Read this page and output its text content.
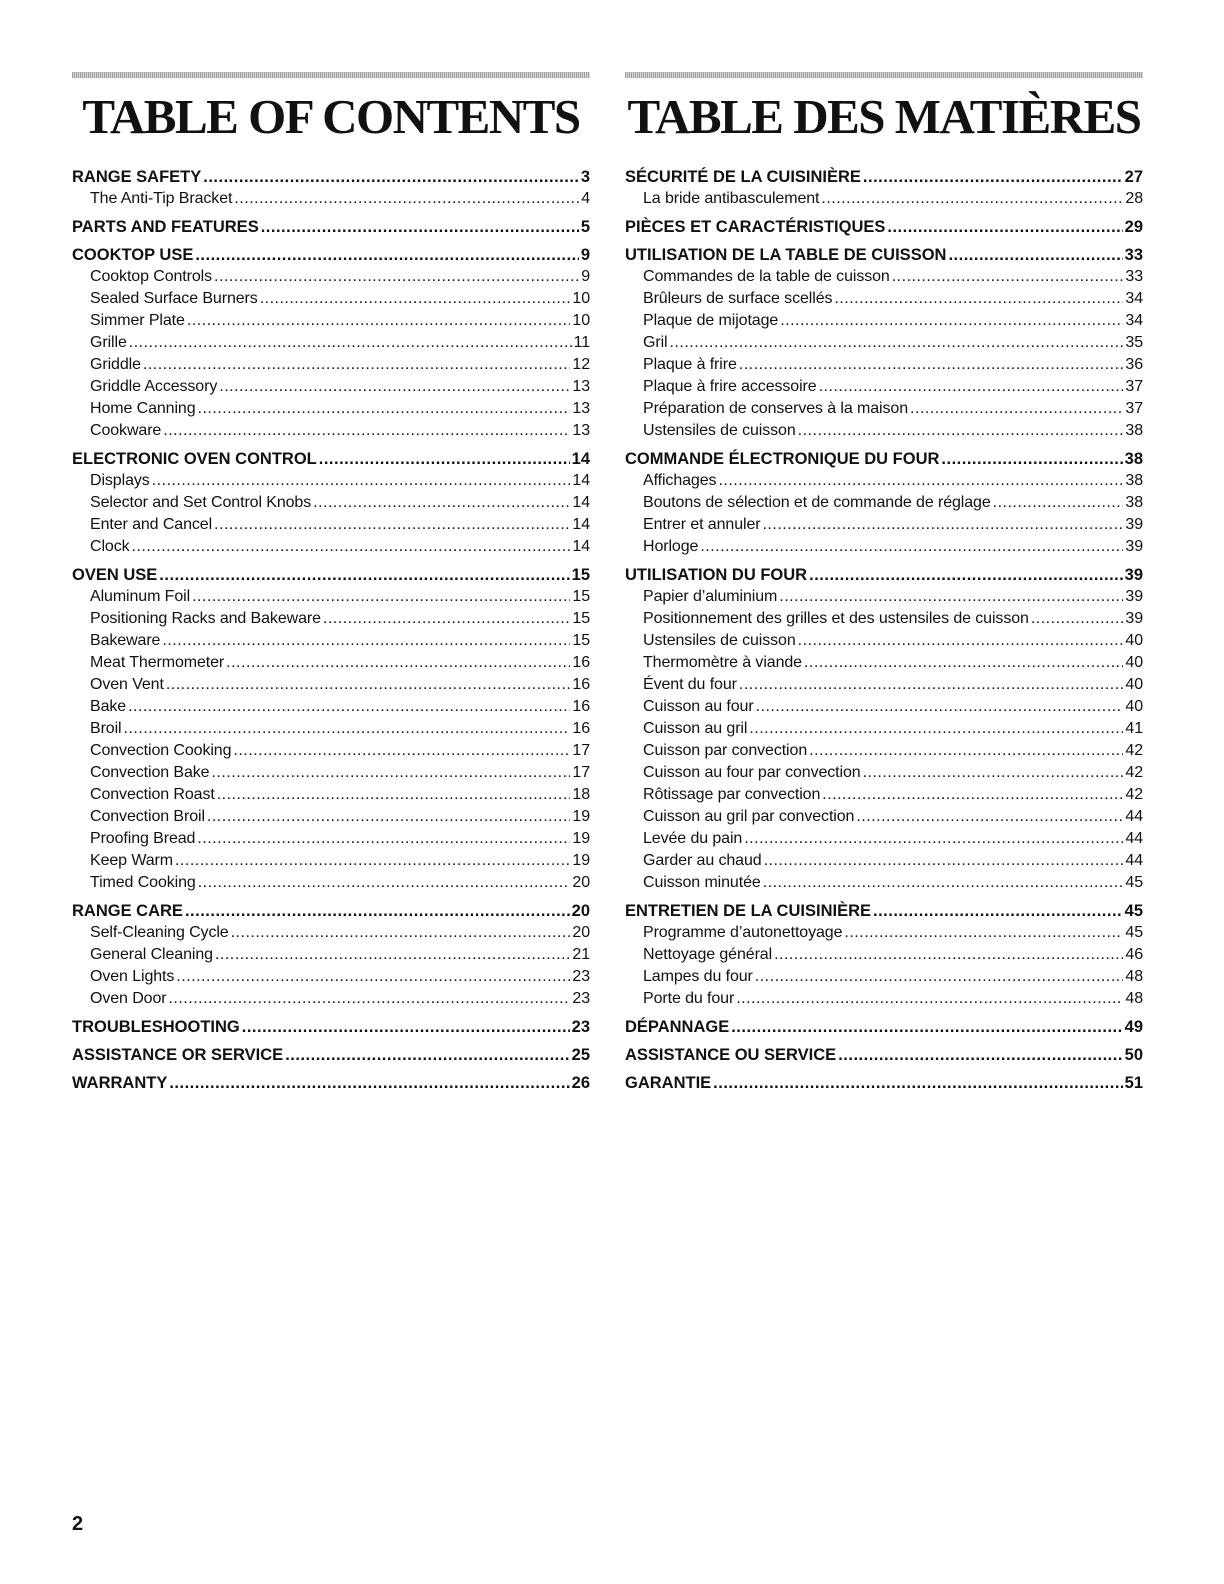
TABLE OF CONTENTS
RANGE SAFETY .....	3
The Anti-Tip Bracket .....	4
PARTS AND FEATURES .....	5
COOKTOP USE .....	9
Cooktop Controls .....	9
Sealed Surface Burners .....	10
Simmer Plate .....	10
Grille .....	11
Griddle .....	12
Griddle Accessory .....	13
Home Canning .....	13
Cookware .....	13
ELECTRONIC OVEN CONTROL .....	14
Displays .....	14
Selector and Set Control Knobs .....	14
Enter and Cancel .....	14
Clock .....	14
OVEN USE .....	15
Aluminum Foil .....	15
Positioning Racks and Bakeware .....	15
Bakeware .....	15
Meat Thermometer .....	16
Oven Vent .....	16
Bake .....	16
Broil .....	16
Convection Cooking .....	17
Convection Bake .....	17
Convection Roast .....	18
Convection Broil .....	19
Proofing Bread .....	19
Keep Warm .....	19
Timed Cooking .....	20
RANGE CARE .....	20
Self-Cleaning Cycle .....	20
General Cleaning .....	21
Oven Lights .....	23
Oven Door .....	23
TROUBLESHOOTING .....	23
ASSISTANCE OR SERVICE .....	25
WARRANTY .....	26
TABLE DES MATIÈRES
SÉCURITÉ DE LA CUISINIÈRE .....	27
La bride antibasculement .....	28
PIÈCES ET CARACTÉRISTIQUES .....	29
UTILISATION DE LA TABLE DE CUISSON .....	33
Commandes de la table de cuisson .....	33
Brûleurs de surface scellés .....	34
Plaque de mijotage .....	34
Gril .....	35
Plaque à frire .....	36
Plaque à frire accessoire .....	37
Préparation de conserves à la maison .....	37
Ustensiles de cuisson .....	38
COMMANDE ÉLECTRONIQUE DU FOUR .....	38
Affichages .....	38
Boutons de sélection et de commande de réglage .....	38
Entrer et annuler .....	39
Horloge .....	39
UTILISATION DU FOUR .....	39
Papier d’aluminium .....	39
Positionnement des grilles et des ustensiles de cuisson .....	39
Ustensiles de cuisson .....	40
Thermomètre à viande .....	40
Évent du four .....	40
Cuisson au four .....	40
Cuisson au gril .....	41
Cuisson par convection .....	42
Cuisson au four par convection .....	42
Rôtissage par convection .....	42
Cuisson au gril par convection .....	44
Levée du pain .....	44
Garder au chaud .....	44
Cuisson minutée .....	45
ENTRETIEN DE LA CUISINIÈRE .....	45
Programme d’autonettoyage .....	45
Nettoyage général .....	46
Lampes du four .....	48
Porte du four .....	48
DÉPANNAGE .....	49
ASSISTANCE OU SERVICE .....	50
GARANTIE .....	51
2
